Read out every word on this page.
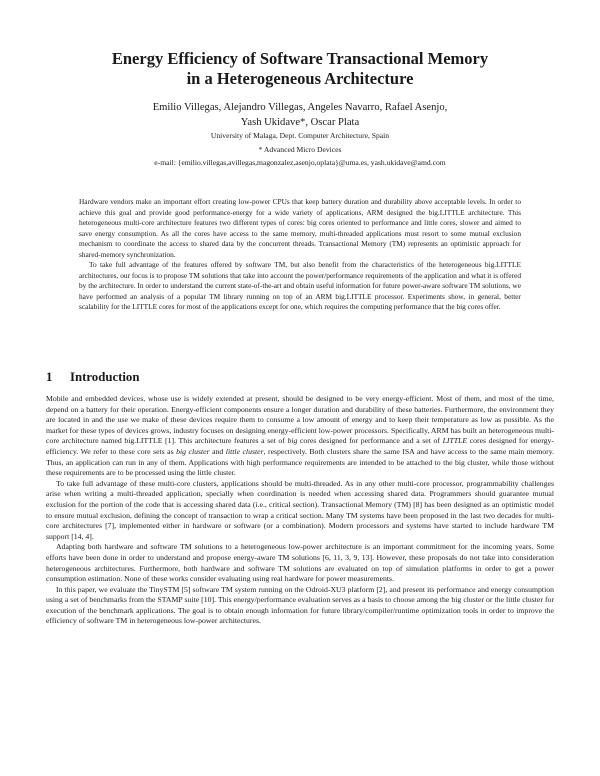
Energy Efficiency of Software Transactional Memory
in a Heterogeneous Architecture
Emilio Villegas, Alejandro Villegas, Angeles Navarro, Rafael Asenjo,
Yash Ukidave*, Oscar Plata
University of Malaga, Dept. Computer Architecture, Spain
* Advanced Micro Devices
e-mail: {emilio.villegas,avillegas,magonzalez,asenjo,oplata}@uma.es, yash.ukidave@amd.com

Hardware vendors make an important effort creating low-power CPUs that keep battery duration and durability above acceptable levels. In order to achieve this goal and provide good performance-energy for a wide variety of applications, ARM designed the big.LITTLE architecture. This heterogeneous multi-core architecture features two different types of cores: big cores oriented to performance and little cores, slower and aimed to save energy consumption. As all the cores have access to the same memory, multi-threaded applications must resort to some mutual exclusion mechanism to coordinate the access to shared data by the concurrent threads. Transactional Memory (TM) represents an optimistic approach for shared-memory synchronization.

To take full advantage of the features offered by software TM, but also benefit from the characteristics of the heterogeneous big.LITTLE architectures, our focus is to propose TM solutions that take into account the power/performance requirements of the application and what it is offered by the architecture. In order to understand the current state-of-the-art and obtain useful information for future power-aware software TM solutions, we have performed an analysis of a popular TM library running on top of an ARM big.LITTLE processor. Experiments show, in general, better scalability for the LITTLE cores for most of the applications except for one, which requires the computing performance that the big cores offer.

1 Introduction

Mobile and embedded devices, whose use is widely extended at present, should be designed to be very energy-efficient. Most of them, and most of the time, depend on a battery for their operation. Energy-efficient components ensure a longer duration and durability of these batteries. Furthermore, the environment they are located in and the use we make of these devices require them to consume a low amount of energy and to keep their temperature as low as possible. As the market for these types of devices grows, industry focuses on designing energy-efficient low-power processors. Specifically, ARM has built an heterogeneous multi-core architecture named big.LITTLE [1]. This architecture features a set of big cores designed for performance and a set of LITTLE cores designed for energy-efficiency. We refer to these core sets as big cluster and little cluster, respectively. Both clusters share the same ISA and have access to the same main memory. Thus, an application can run in any of them. Applications with high performance requirements are intended to be attached to the big cluster, while those without these requirements are to be processed using the little cluster.

To take full advantage of these multi-core clusters, applications should be multi-threaded. As in any other multi-core processor, programmability challenges arise when writing a multi-threaded application, specially when coordination is needed when accessing shared data. Programmers should guarantee mutual exclusion for the portion of the code that is accessing shared data (i.e., critical section). Transactional Memory (TM) [8] has been designed as an optimistic model to ensure mutual exclusion, defining the concept of transaction to wrap a critical section. Many TM systems have been proposed in the last two decades for multi-core architectures [7], implemented either in hardware or software (or a combination). Modern processors and systems have started to include hardware TM support [14, 4].

Adapting both hardware and software TM solutions to a heterogeneous low-power architecture is an important commitment for the incoming years. Some efforts have been done in order to understand and propose energy-aware TM solutions [6, 11, 3, 9, 13]. However, these proposals do not take into consideration heterogeneous architectures. Furthermore, both hardware and software TM solutions are evaluated on top of simulation platforms in order to get a power consumption estimation. None of these works consider evaluating using real hardware for power measurements.

In this paper, we evaluate the TinySTM [5] software TM system running on the Odroid-XU3 platform [2], and present its performance and energy consumption using a set of benchmarks from the STAMP suite [10]. This energy/performance evaluation serves as a basis to choose among the big cluster or the little cluster for execution of the benchmark applications. The goal is to obtain enough information for future library/compiler/runtime optimization tools in order to improve the efficiency of software TM in heterogeneous low-power architectures.
